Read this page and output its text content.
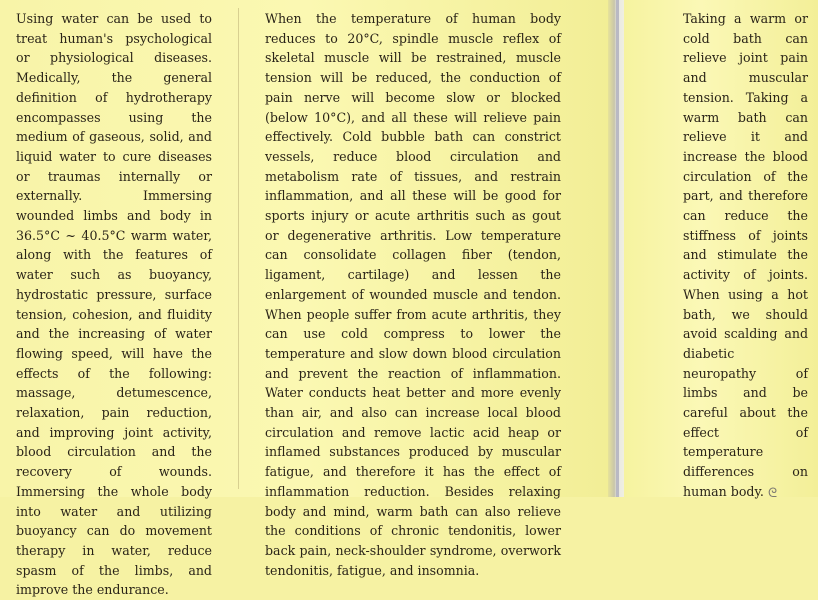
Using water can be used to treat human's psychological or physiological diseases. Medically, the general definition of hydrotherapy encompasses using the medium of gaseous, solid, and liquid water to cure diseases or traumas internally or externally. Immersing wounded limbs and body in 36.5°C ~ 40.5°C warm water, along with the features of water such as buoyancy, hydrostatic pressure, surface tension, cohesion, and fluidity and the increasing of water flowing speed, will have the effects of the following: massage, detumescence, relaxation, pain reduction, and improving joint activity, blood circulation and the recovery of wounds. Immersing the whole body into water and utilizing buoyancy can do movement therapy in water, reduce spasm of the limbs, and improve the endurance.
When the temperature of human body reduces to 20°C, spindle muscle reflex of skeletal muscle will be restrained, muscle tension will be reduced, the conduction of pain nerve will become slow or blocked (below 10°C), and all these will relieve pain effectively. Cold bubble bath can constrict vessels, reduce blood circulation and metabolism rate of tissues, and restrain inflammation, and all these will be good for sports injury or acute arthritis such as gout or degenerative arthritis. Low temperature can consolidate collagen fiber (tendon, ligament, cartilage) and lessen the enlargement of wounded muscle and tendon. When people suffer from acute arthritis, they can use cold compress to lower the temperature and slow down blood circulation and prevent the reaction of inflammation. Water conducts heat better and more evenly than air, and also can increase local blood circulation and remove lactic acid heap or inflamed substances produced by muscular fatigue, and therefore it has the effect of inflammation reduction. Besides relaxing body and mind, warm bath can also relieve the conditions of chronic tendonitis, lower back pain, neck-shoulder syndrome, overwork tendonitis, fatigue, and insomnia.
Taking a warm or cold bath can relieve joint pain and muscular tension. Taking a warm bath can relieve it and increase the blood circulation of the part, and therefore can reduce the stiffness of joints and stimulate the activity of joints. When using a hot bath, we should avoid scalding and diabetic neuropathy of limbs and be careful about the effect of temperature differences on human body. ᘓ
